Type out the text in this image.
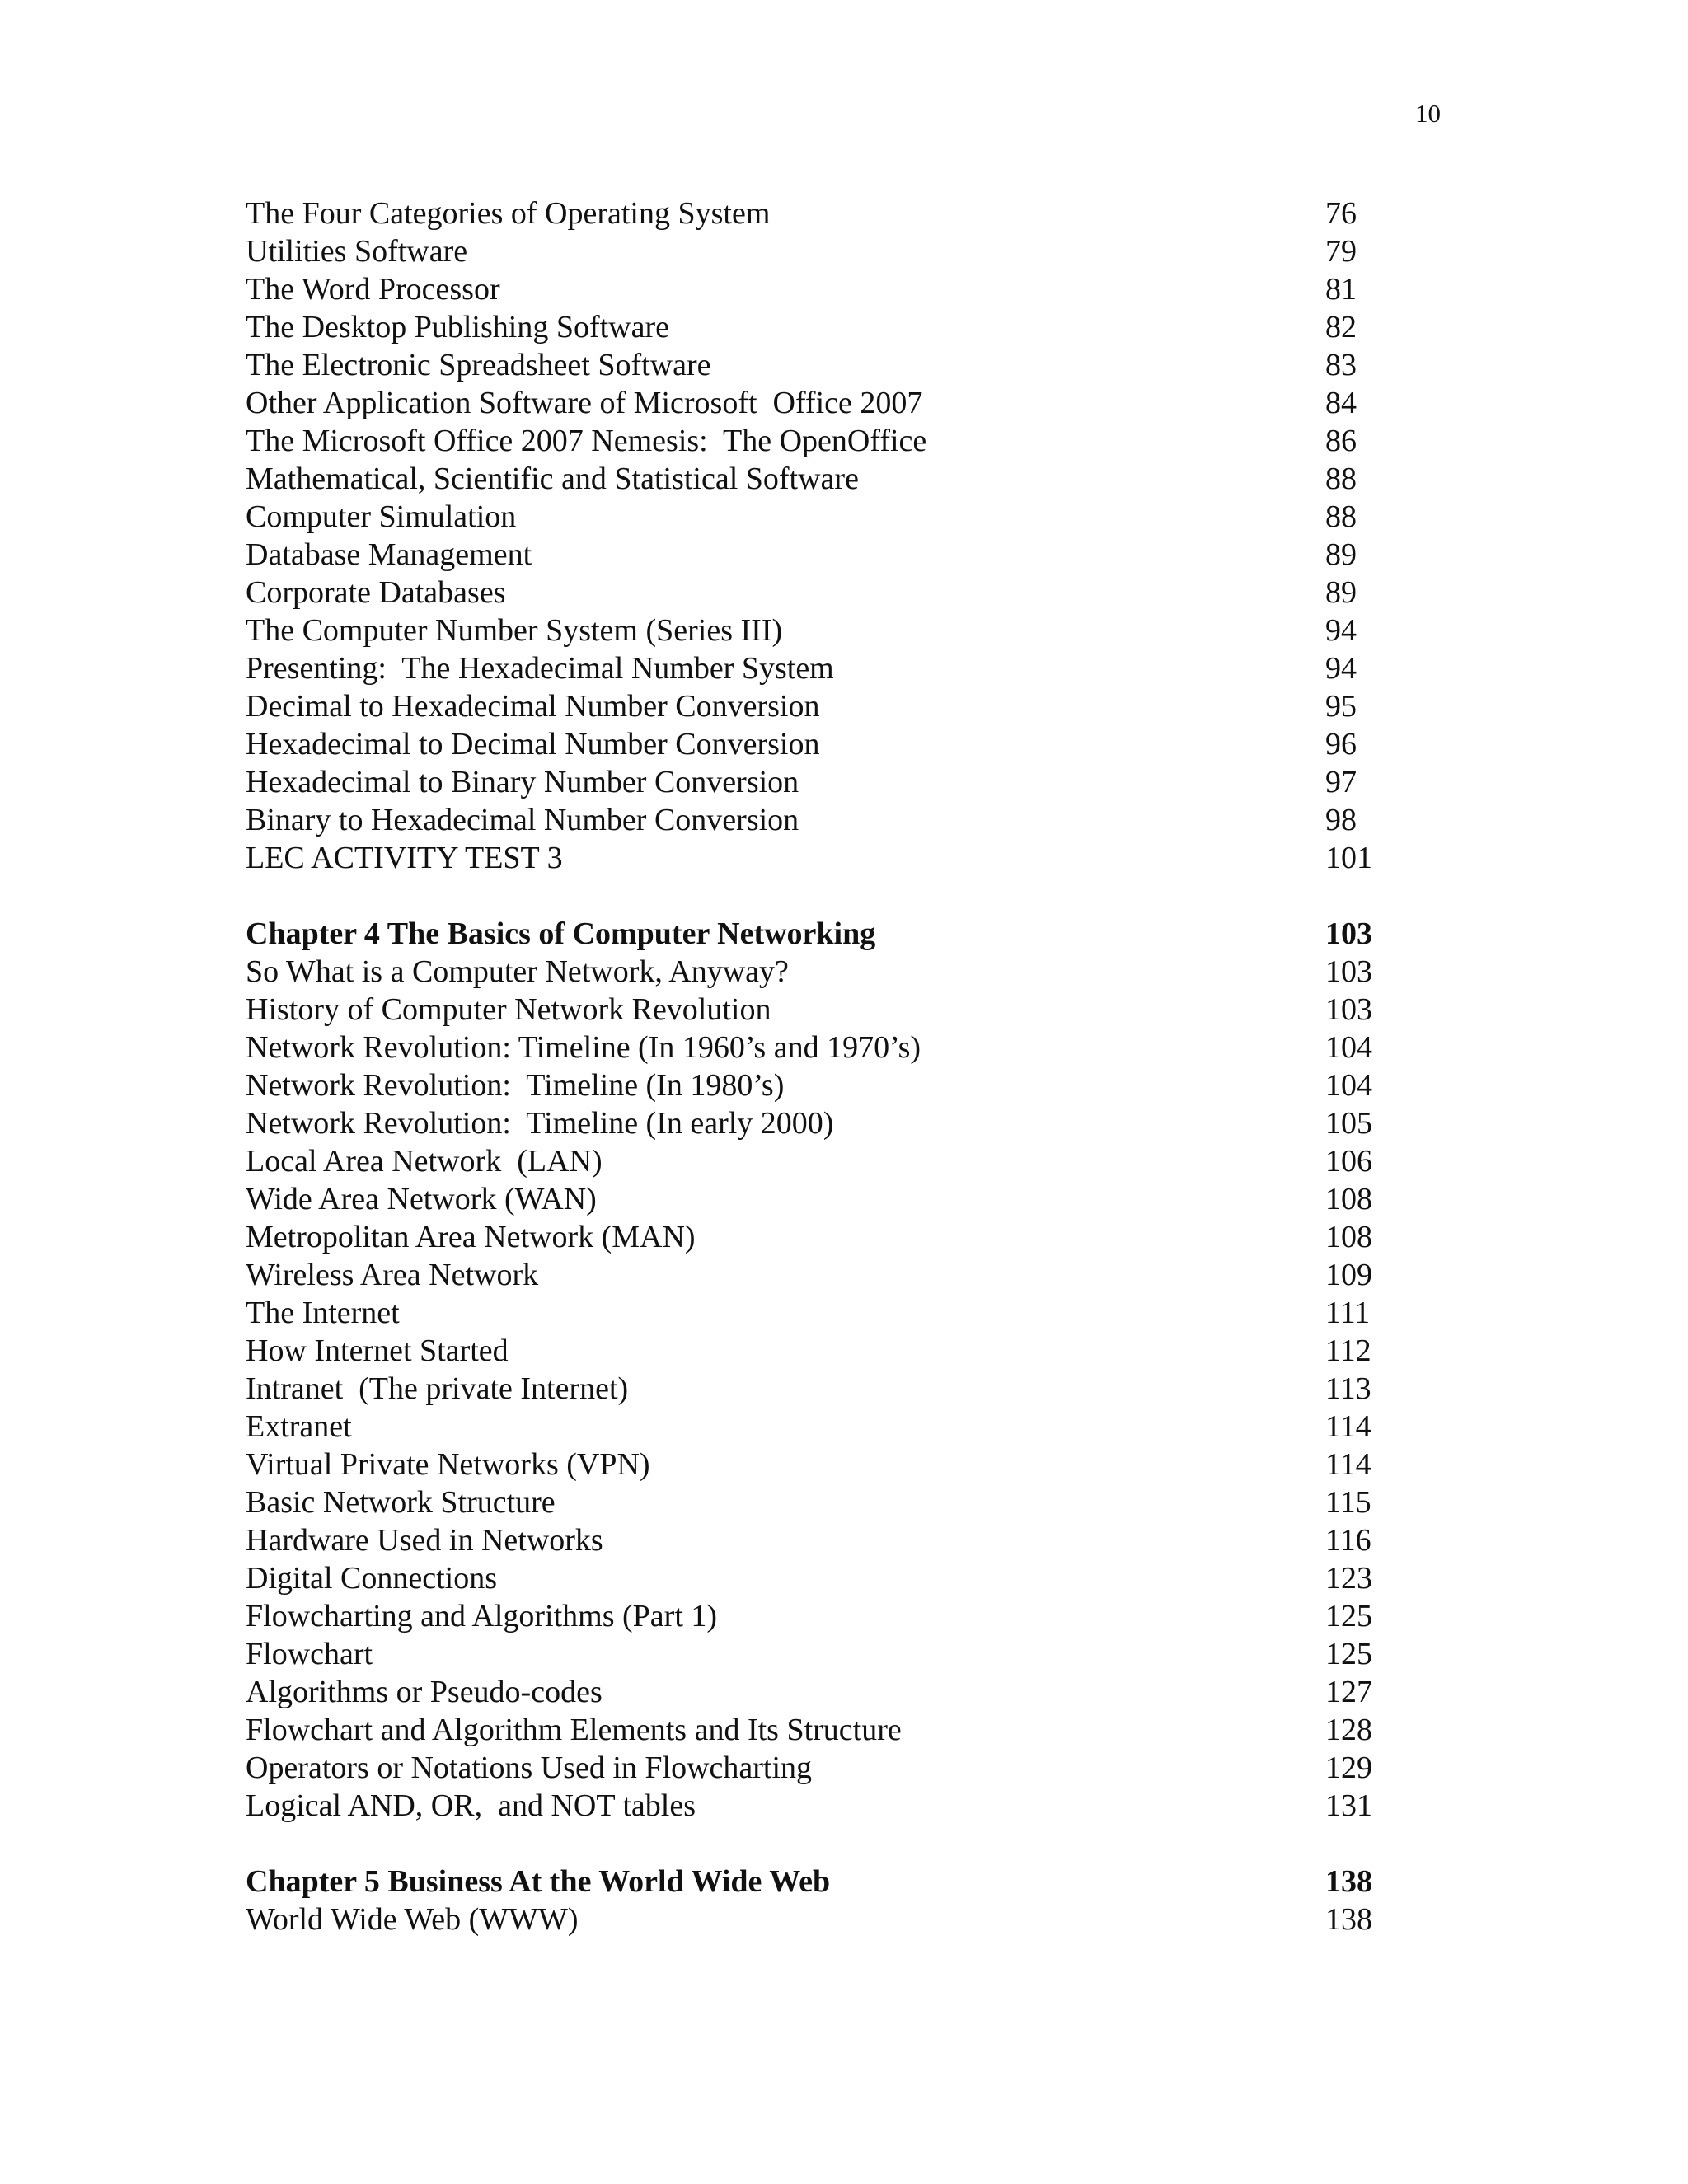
10
The Four Categories of Operating System	76
Utilities Software	79
The Word Processor	81
The Desktop Publishing Software	82
The Electronic Spreadsheet Software	83
Other Application Software of Microsoft  Office 2007	84
The Microsoft Office 2007 Nemesis:  The OpenOffice	86
Mathematical, Scientific and Statistical Software	88
Computer Simulation	88
Database Management	89
Corporate Databases	89
The Computer Number System (Series III)	94
Presenting:  The Hexadecimal Number System	94
Decimal to Hexadecimal Number Conversion	95
Hexadecimal to Decimal Number Conversion	96
Hexadecimal to Binary Number Conversion	97
Binary to Hexadecimal Number Conversion	98
LEC ACTIVITY TEST 3	101
Chapter 4 The Basics of Computer Networking	103
So What is a Computer Network, Anyway?	103
History of Computer Network Revolution	103
Network Revolution: Timeline (In 1960’s and 1970’s)	104
Network Revolution:  Timeline (In 1980’s)	104
Network Revolution:  Timeline (In early 2000)	105
Local Area Network  (LAN)	106
Wide Area Network (WAN)	108
Metropolitan Area Network (MAN)	108
Wireless Area Network	109
The Internet	111
How Internet Started	112
Intranet  (The private Internet)	113
Extranet	114
Virtual Private Networks (VPN)	114
Basic Network Structure	115
Hardware Used in Networks	116
Digital Connections	123
Flowcharting and Algorithms (Part 1)	125
Flowchart	125
Algorithms or Pseudo-codes	127
Flowchart and Algorithm Elements and Its Structure	128
Operators or Notations Used in Flowcharting	129
Logical AND, OR,  and NOT tables	131
Chapter 5 Business At the World Wide Web	138
World Wide Web (WWW)	138
